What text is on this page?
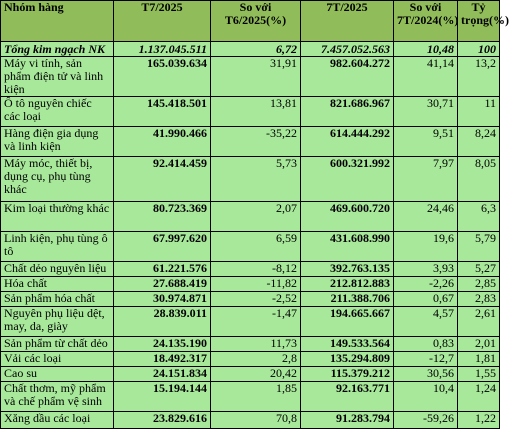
Nhóm hàng	T7/2025	So với T6/2025(%)	7T/2025	So với 7T/2024(%)	Tỷ trọng(%)
Tổng kim ngạch NK	1.137.045.511	6,72	7.457.052.563	10,48	100
Máy vi tính, sản phẩm điện tử và linh kiện	165.039.634	31,91	982.604.272	41,14	13,2
Ô tô nguyên chiếc các loại	145.418.501	13,81	821.686.967	30,71	11
Hàng điện gia dụng và linh kiện	41.990.466	-35,22	614.444.292	9,51	8,24
Máy móc, thiết bị, dụng cụ, phụ tùng khác	92.414.459	5,73	600.321.992	7,97	8,05
Kim loại thường khác	80.723.369	2,07	469.600.720	24,46	6,3
Linh kiện, phụ tùng ô tô	67.997.620	6,59	431.608.990	19,6	5,79
Chất dẻo nguyên liệu	61.221.576	-8,12	392.763.135	3,93	5,27
Hóa chất	27.688.419	-11,82	212.812.883	-2,26	2,85
Sản phẩm hóa chất	30.974.871	-2,52	211.388.706	0,67	2,83
Nguyên phụ liệu dệt, may, da, giày	28.839.011	-1,47	194.665.667	4,57	2,61
Sản phẩm từ chất dẻo	24.135.190	11,73	149.533.564	0,83	2,01
Vải các loại	18.492.317	2,8	135.294.809	-12,7	1,81
Cao su	24.151.834	20,42	115.379.212	30,56	1,55
Chất thơm, mỹ phẩm và chế phẩm vệ sinh	15.194.144	1,85	92.163.771	10,4	1,24
Xăng dầu các loại	23.829.616	70,8	91.283.794	-59,26	1,22
